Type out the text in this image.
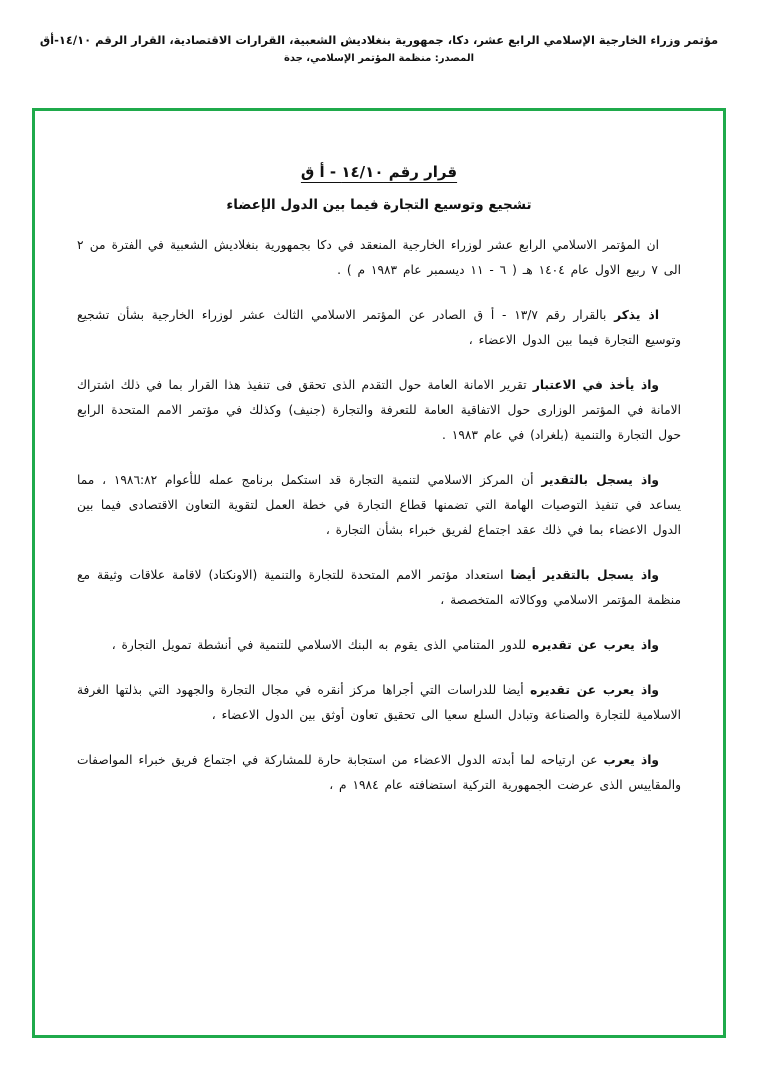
مؤتمر وزراء الخارجية الإسلامي الرابع عشر، دكا، جمهورية بنغلاديش الشعبية، القرارات الاقتصادية، القرار الرقم ١٤/١٠-أق
المصدر: منظمة المؤتمر الإسلامي، جدة
قرار رقم ١٤/١٠ - أ ق
تشجيع وتوسيع التجارة فيما بين الدول الإعضاء

ان المؤتمر الاسلامي الرابع عشر لوزراء الخارجية المنعقد في دكا بجمهورية بنغلاديش الشعبية في الفترة من ٢ الى ٧ ربيع الاول عام ١٤٠٤ هـ ( ٦ - ١١ ديسمبر عام ١٩٨٣ م ) .

اذ يذكر بالقرار رقم ١٣/٧ - أ ق الصادر عن المؤتمر الاسلامي الثالث عشر لوزراء الخارجية بشأن تشجيع وتوسيع التجارة فيما بين الدول الاعضاء ،

واذ يأخذ في الاعتبار تقرير الامانة العامة حول التقدم الذى تحقق فى تنفيذ هذا القرار بما في ذلك اشتراك الامانة في المؤتمر الوزارى حول الاتفاقية العامة للتعرفة والتجارة (جنيف) وكذلك في مؤتمر الامم المتحدة الرابع حول التجارة والتنمية (بلغراد) في عام ١٩٨٣ .

واذ يسجل بالتقدير أن المركز الاسلامي لتنمية التجارة قد استكمل برنامج عمله للأعوام ١٩٨٦:٨٢ ، مما يساعد في تنفيذ التوصيات الهامة التي تضمنها قطاع التجارة في خطة العمل لتقوية التعاون الاقتصادى فيما بين الدول الاعضاء بما في ذلك عقد اجتماع لفريق خبراء بشأن التجارة ،

واذ يسجل بالتقدير أيضا استعداد مؤتمر الامم المتحدة للتجارة والتنمية (الاونكتاد) لاقامة علاقات وثيقة مع منظمة المؤتمر الاسلامي ووكالاته المتخصصة ،

واذ يعرب عن تقديره للدور المتنامي الذى يقوم به البنك الاسلامي للتنمية في أنشطة تمويل التجارة ،

واذ يعرب عن تقديره أيضا للدراسات التي أجراها مركز أنقره في مجال التجارة والجهود التي بذلتها الغرفة الاسلامية للتجارة والصناعة وتبادل السلع سعيا الى تحقيق تعاون أوثق بين الدول الاعضاء ،

واذ يعرب عن ارتياحه لما أبدته الدول الاعضاء من استجابة حارة للمشاركة في اجتماع فريق خبراء المواصفات والمقاييس الذى عرضت الجمهورية التركية استضافته عام ١٩٨٤ م ،
